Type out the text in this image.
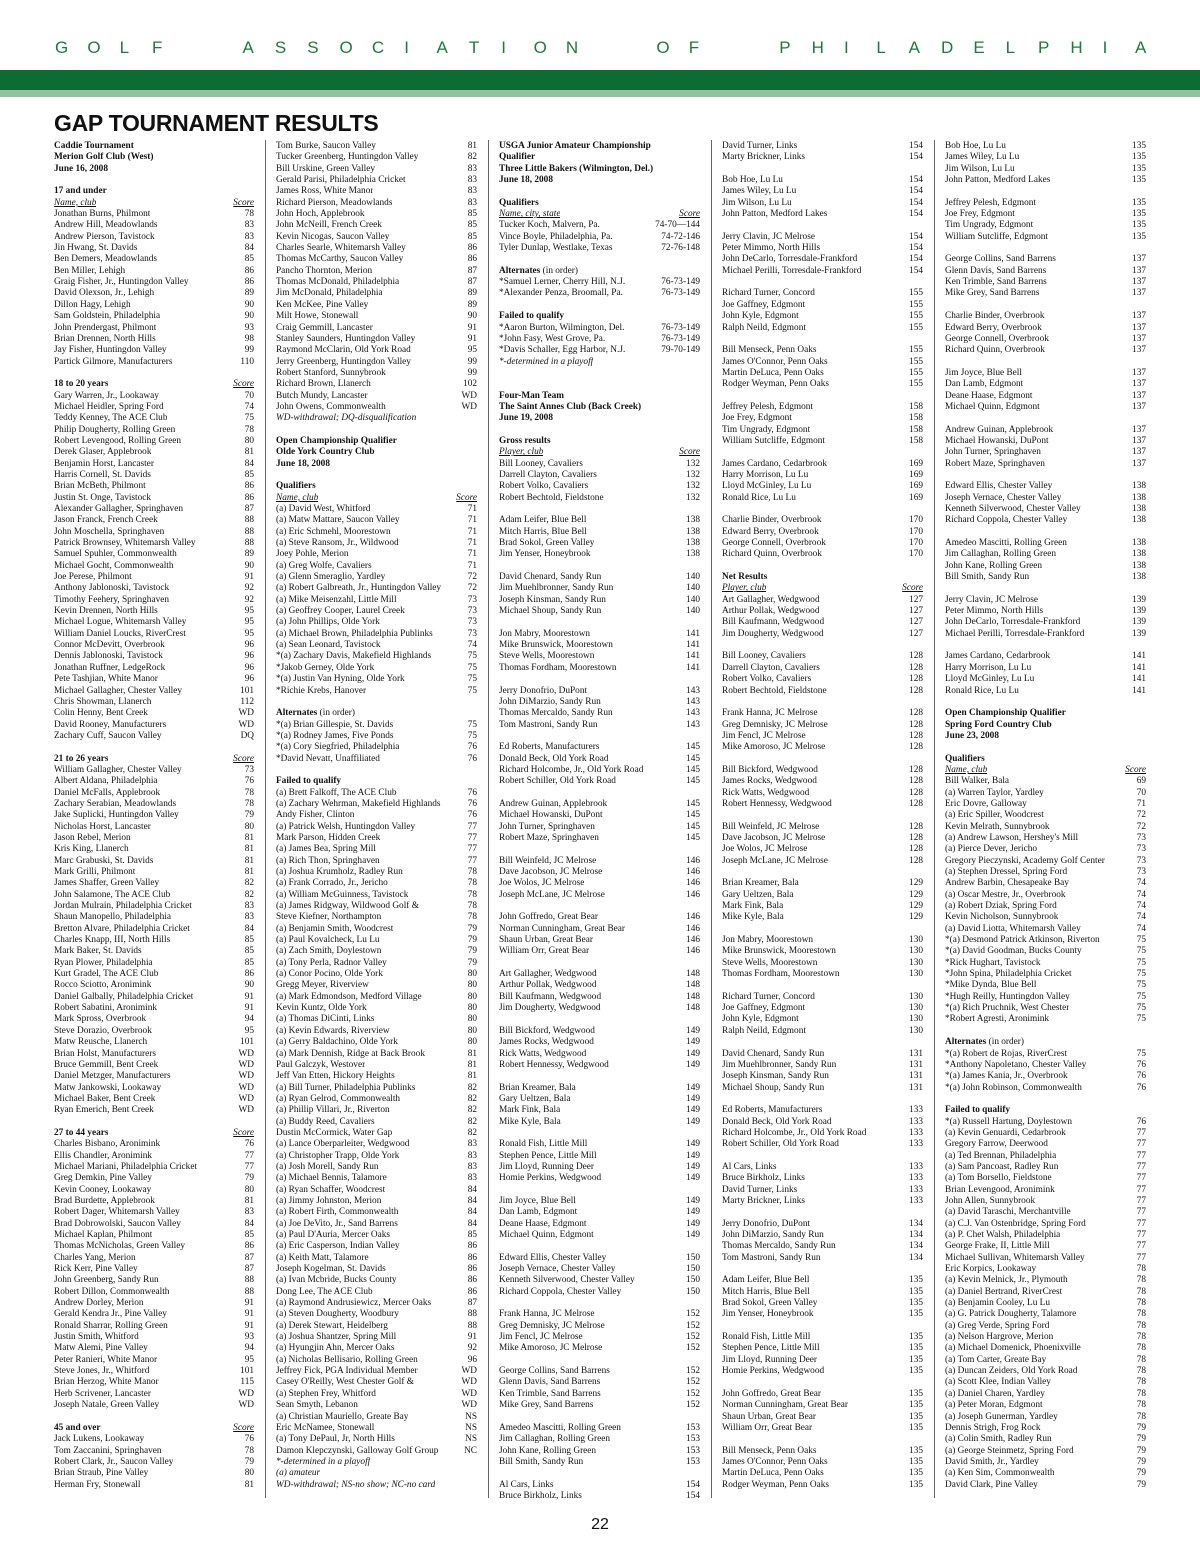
G O L F	A S S O C I A T I O N	O F	P H I L A D E L P H I A
GAP TOURNAMENT RESULTS
Caddie Tournament
Merion Golf Club (West)
June 16, 2008
17 and under
Name, club	Score
Jonathan Burns, Philmont	78
Andrew Hill, Meadowlands	83
Andrew Pierson, Tavistock	83
Jin Hwang, St. Davids	84
Ben Demers, Meadowlands	85
Ben Miller, Lehigh	86
Graig Fisher, Jr., Huntingdon Valley	86
David Olexson, Jr., Lehigh	89
Dillon Hagy, Lehigh	90
Sam Goldstein, Philadelphia	90
John Prendergast, Philmont	93
Brian Drennen, North Hills	98
Jay Fisher, Huntingdon Valley	99
Partick Gilmore, Manufacturers	110
18 to 20 years	Score
Gary Warren, Jr., Lookaway	70
Michael Heidler, Spring Ford	74
Teddy Kenney, The ACE Club	75
Philip Dougherty, Rolling Green	78
Robert Levengood, Rolling Green	80
Derek Glaser, Applebrook	81
Benjamin Horst, Lancaster	84
Harris Cornell, St. Davids	85
Brian McBeth, Philmont	86
Justin St. Onge, Tavistock	86
Alexander Gallagher, Springhaven	87
Jason Franck, French Creek	88
John Moschella, Springhaven	88
Patrick Brownsey, Whitemarsh Valley	88
Samuel Spuhler, Commonwealth	89
Michael Gocht, Commonwealth	90
Joe Perese, Philmont	91
Anthony Jablonoski, Tavistock	92
Timothy Feehery, Springhaven	92
Kevin Drennen, North Hills	95
Michael Logue, Whitemarsh Valley	95
William Daniel Loucks, RiverCrest	95
Connor McDevitt, Overbrook	96
Dennis Jablonoski, Tavistock	96
Jonathan Ruffner, LedgeRock	96
Pete Tashjian, White Manor	96
Michael Gallagher, Chester Valley	101
Chris Showman, Llanerch	112
Colin Henny, Bent Creek	WD
David Rooney, Manufacturers	WD
Zachary Cuff, Saucon Valley	DQ
21 to 26 years	Score
William Gallagher, Chester Valley	73
Albert Aldana, Philadelphia	76
Daniel McFalls, Applebrook	78
Zachary Serabian, Meadowlands	78
Jake Suplicki, Huntingdon Valley	79
Nicholas Horst, Lancaster	80
Jason Rebel, Merion	81
Kris King, Llanerch	81
Marc Grabuski, St. Davids	81
Mark Grilli, Philmont	81
James Shaffer, Green Valley	82
John Salamone, The ACE Club	82
Jordan Mulrain, Philadelphia Cricket	83
Shaun Manopello, Philadelphia	83
Bretton Alvare, Philadelphia Cricket	84
Charles Knapp, III, North Hills	85
Mark Baker, St. Davids	85
Ryan Plower, Philadelphia	85
Kurt Gradel, The ACE Club	86
Rocco Sciotto, Aronimink	90
Daniel Galbally, Philadelphia Cricket	91
Robert Sabatini, Aronimink	91
Mark Spross, Overbrook	94
Steve Dorazio, Overbrook	95
Matw Reusche, Llanerch	101
Brian Holst, Manufacturers	WD
Bruce Gemmill, Bent Creek	WD
Daniel Metzger, Manufacturers	WD
Matw Jankowski, Lookaway	WD
Michael Baker, Bent Creek	WD
Ryan Emerich, Bent Creek	WD
27 to 44 years	Score
Charles Bisbano, Aronimink	76
Ellis Chandler, Aronimink	77
Michael Mariani, Philadelphia Cricket	77
Greg Demkin, Pine Valley	79
Kevin Cooney, Lookaway	80
Brad Burdette, Applebrook	81
Robert Dager, Whitemarsh Valley	83
Brad Dobrowolski, Saucon Valley	84
Michael Kaplan, Philmont	85
Thomas McNicholas, Green Valley	86
Charles Yang, Merion	87
Rick Kerr, Pine Valley	87
John Greenberg, Sandy Run	88
Robert Dillon, Commonwealth	88
Andrew Dorley, Merion	91
Gerald Kendra Jr., Pine Valley	91
Ronald Sharrar, Rolling Green	91
Justin Smith, Whitford	93
Matw Alemi, Pine Valley	94
Peter Ranieri, White Manor	95
Steve Jones, Jr., Whitford	101
Brian Herzog, White Manor	115
Herb Scrivener, Lancaster	WD
Joseph Natale, Green Valley	WD
45 and over	Score
Jack Lukens, Lookaway	76
Tom Zaccanini, Springhaven	78
Robert Clark, Jr., Saucon Valley	79
Brian Straub, Pine Valley	80
Herman Fry, Stonewall	81
Tom Burke, Saucon Valley	81
Tucker Greenberg, Huntingdon Valley	82
Bill Urskine, Green Valley	83
Gerald Parisi, Philadelphia Cricket	83
James Ross, White Manor	83
Richard Pierson, Meadowlands	83
John Hoch, Applebrook	85
John McNeill, French Creek	85
Kevin Nicogas, Saucon Valley	85
Charles Searle, Whitemarsh Valley	86
Thomas McCarthy, Saucon Valley	86
Pancho Thornton, Merion	87
Thomas McDonald, Philadelphia	87
Jim McDonald, Philadelphia	89
Ken McKee, Pine Valley	89
Milt Howe, Stonewall	90
Craig Gemmill, Lancaster	91
Stanley Saunders, Huntingdon Valley	91
Raymond McClarin, Old York Road	95
Jerry Greenberg, Huntingdon Valley	99
Robert Stanford, Sunnybrook	99
Richard Brown, Llanerch	102
Butch Mundy, Lancaster	WD
John Owens, Commonwealth	WD
WD-withdrawal; DQ-disqualification
Open Championship Qualifier
Olde York Country Club
June 18, 2008
Qualifiers
Name, club	Score
(a) David West, Whitford	71
(a) Matw Mattare, Saucon Valley	71
(a) Eric Schmehl, Moorestown	71
(a) Steve Ransom, Jr., Wildwood	71
Joey Pohle, Merion	71
(a) Greg Wolfe, Cavaliers	71
(a) Glenn Smeraglio, Yardley	72
(a) Robert Galbreath, Jr., Huntingdon Valley	72
(a) Mike Meisenzahl, Little Mill	73
(a) Geoffrey Cooper, Laurel Creek	73
(a) John Phillips, Olde York	73
(a) Michael Brown, Philadelphia Publinks	73
(a) Sean Leonard, Tavistock	74
*(a) Zachary Davis, Makefield Highlands	75
*Jakob Gerney, Olde York	75
*(a) Justin Van Hyning, Olde York	75
*Richie Krebs, Hanover	75
Alternates (in order)
*(a) Brian Gillespie, St. Davids	75
*(a) Rodney James, Five Ponds	75
*(a) Cory Siegfried, Philadelphia	76
*David Nevatt, Unaffiliated	76
Failed to qualify
(a) Brett Falkoff, The ACE Club	76
(a) Zachary Wehrman, Makefield Highlands	76
Andy Fisher, Clinton	76
(a) Patrick Welsh, Huntingdon Valley	77
Mark Parson, Hidden Creek	77
(a) James Bea, Spring Mill	77
(a) Rich Thon, Springhaven	77
(a) Joshua Krumholz, Radley Run	78
(a) Frank Corrado, Jr., Jericho	78
(a) William McGuinness, Tavistock	78
(a) James Ridgway, Wildwood Golf &	78
Steve Kiefner, Northampton	78
(a) Benjamin Smith, Woodcrest	79
(a) Paul Kovalcheck, Lu Lu	79
(a) Zach Smith, Doylestown	79
(a) Tony Perla, Radnor Valley	79
(a) Conor Pocino, Olde York	80
Gregg Meyer, Riverview	80
(a) Mark Edmondson, Medford Village	80
Kevin Kuntz, Olde York	80
(a) Thomas DiCinti, Links	80
(a) Kevin Edwards, Riverview	80
(a) Gerry Baldachino, Olde York	80
(a) Mark Dennish, Ridge at Back Brook	81
Paul Galczyk, Westover	81
Jeff Van Etten, Hickory Heights	81
(a) Bill Turner, Philadelphia Publinks	82
(a) Ryan Gelrod, Commonwealth	82
(a) Phillip Villari, Jr., Riverton	82
(a) Buddy Reed, Cavaliers	82
Dustin McCormick, Water Gap	82
(a) Lance Oberparleiter, Wedgwood	83
(a) Christopher Trapp, Olde York	83
(a) Josh Morell, Sandy Run	83
(a) Michael Bennis, Talamore	83
(a) Ryan Schaffer, Woodcrest	84
(a) Jimmy Johnston, Merion	84
(a) Robert Firth, Commonwealth	84
(a) Joe DeVito, Jr., Sand Barrens	84
(a) Paul D'Auria, Mercer Oaks	85
(a) Eric Casperson, Indian Valley	86
(a) Keith Matt, Talamore	86
Joseph Kogelman, St. Davids	86
(a) Ivan Mcbride, Bucks County	86
Dong Lee, The ACE Club	86
(a) Raymond Andrusiewicz, Mercer Oaks	87
(a) Steven Dougherty, Woodbury	88
(a) Derek Stewart, Heidelberg	88
(a) Joshua Shantzer, Spring Mill	91
(a) Hyungjin Ahn, Mercer Oaks	92
(a) Nicholas Bellisario, Rolling Green	96
Jeffrey Fick, PGA Individual Member	WD
Casey O'Reilly, West Chester Golf &	WD
(a) Stephen Frey, Whitford	WD
Sean Smyth, Lebanon	WD
(a) Christian Mauriello, Greate Bay	NS
Eric McNamee, Stonewall	NS
(a) Tony DePaul, Jr, North Hills	NS
Damon Klepczynski, Galloway Golf Group	NC
*-determined in a playoff
(a) amateur
WD-withdrawal; NS-no show; NC-no card
USGA Junior Amateur Championship
Qualifier
Three Little Bakers (Wilmington, Del.)
June 18, 2008
Qualifiers
Name, city, state	Score
Tucker Koch, Malvern, Pa.	74-70—144
Vince Boyle, Philadelphia, Pa.	74-72-146
Tyler Dunlap, Westlake, Texas	72-76-148
Alternates (in order)
*Samuel Lerner, Cherry Hill, N.J.	76-73-149
*Alexander Penza, Broomall, Pa.	76-73-149
Failed to qualify
*Aaron Burton, Wilmington, Del.	76-73-149
*John Fasy, West Grove, Pa.	76-73-149
*Davis Schaller, Egg Harbor, N.J.	79-70-149
*-determined in a playoff
Four-Man Team
The Saint Annes Club (Back Creek)
June 19, 2008
Gross results
Player, club	Score
Bill Looney, Cavaliers	132
Darrell Clayton, Cavaliers	132
Robert Volko, Cavaliers	132
Robert Bechtold, Fieldstone	132
Adam Leifer, Blue Bell	138
Mitch Harris, Blue Bell	138
Brad Sokol, Green Valley	138
Jim Yenser, Honeybrook	138
David Chenard, Sandy Run	140
Jim Muehlbronner, Sandy Run	140
Joseph Kinsman, Sandy Run	140
Michael Shoup, Sandy Run	140
Jon Mabry, Moorestown	141
Mike Brunswick, Moorestown	141
Steve Wells, Moorestown	141
Thomas Fordham, Moorestown	141
Jerry Donofrio, DuPont	143
John DiMarzio, Sandy Run	143
Thomas Mercaldo, Sandy Run	143
Tom Mastroni, Sandy Run	143
Ed Roberts, Manufacturers	145
Donald Beck, Old York Road	145
Richard Holcombe, Jr., Old York Road	145
Robert Schiller, Old York Road	145
Andrew Guinan, Applebrook	145
Michael Howanski, DuPont	145
John Turner, Springhaven	145
Robert Maze, Springhaven	145
Bill Weinfeld, JC Melrose	146
Dave Jacobson, JC Melrose	146
Joe Wolos, JC Melrose	146
Joseph McLane, JC Melrose	146
John Goffredo, Great Bear	146
Norman Cunningham, Great Bear	146
Shaun Urban, Great Bear	146
William Orr, Great Bear	146
Art Gallagher, Wedgwood	148
Arthur Pollak, Wedgwood	148
Bill Kaufmann, Wedgwood	148
Jim Dougherty, Wedgwood	148
Bill Bickford, Wedgwood	149
James Rocks, Wedgwood	149
Rick Watts, Wedgwood	149
Robert Hennessy, Wedgwood	149
Brian Kreamer, Bala	149
Gary Ueltzen, Bala	149
Mark Fink, Bala	149
Mike Kyle, Bala	149
Ronald Fish, Little Mill	149
Stephen Pence, Little Mill	149
Jim Lloyd, Running Deer	149
Homie Perkins, Wedgwood	149
Jim Joyce, Blue Bell	149
Dan Lamb, Edgmont	149
Deane Haase, Edgmont	149
Michael Quinn, Edgmont	149
Edward Ellis, Chester Valley	150
Joseph Vernace, Chester Valley	150
Kenneth Silverwood, Chester Valley	150
Richard Coppola, Chester Valley	150
Frank Hanna, JC Melrose	152
Greg Demnisky, JC Melrose	152
Jim Fencl, JC Melrose	152
Mike Amoroso, JC Melrose	152
George Collins, Sand Barrens	152
Glenn Davis, Sand Barrens	152
Ken Trimble, Sand Barrens	152
Mike Grey, Sand Barrens	152
Amedeo Mascitti, Rolling Green	153
Jim Callaghan, Rolling Green	153
John Kane, Rolling Green	153
Bill Smith, Sandy Run	153
Al Cars, Links	154
Bruce Birkholz, Links	154
David Turner, Links	154
Marty Brickner, Links	154
Bob Hoe, Lu Lu	154
James Wiley, Lu Lu	154
Jim Wilson, Lu Lu	154
John Patton, Medford Lakes	154
Jerry Clavin, JC Melrose	154
Peter Mimmo, North Hills	154
John DeCarlo, Torresdale-Frankford	154
Michael Perilli, Torresdale-Frankford	154
Richard Turner, Concord	155
Joe Gaffney, Edgmont	155
John Kyle, Edgmont	155
Ralph Neild, Edgmont	155
Bill Menseck, Penn Oaks	155
James O'Connor, Penn Oaks	155
Martin DeLuca, Penn Oaks	155
Rodger Weyman, Penn Oaks	155
Jeffrey Pelesh, Edgmont	158
Joe Frey, Edgmont	158
Tim Ungrady, Edgmont	158
William Sutcliffe, Edgmont	158
James Cardano, Cedarbrook	169
Harry Morrison, Lu Lu	169
Lloyd McGinley, Lu Lu	169
Ronald Rice, Lu Lu	169
Charlie Binder, Overbrook	170
Edward Berry, Overbrook	170
George Connell, Overbrook	170
Richard Quinn, Overbrook	170
Net Results
Player, club	Score
Art Gallagher, Wedgwood	127
Arthur Pollak, Wedgwood	127
Bill Kaufmann, Wedgwood	127
Jim Dougherty, Wedgwood	127
Bill Looney, Cavaliers	128
Darrell Clayton, Cavaliers	128
Robert Volko, Cavaliers	128
Robert Bechtold, Fieldstone	128
Frank Hanna, JC Melrose	128
Greg Demnisky, JC Melrose	128
Jim Fencl, JC Melrose	128
Mike Amoroso, JC Melrose	128
Bill Bickford, Wedgwood	128
James Rocks, Wedgwood	128
Rick Watts, Wedgwood	128
Robert Hennessy, Wedgwood	128
Bill Weinfeld, JC Melrose	128
Dave Jacobson, JC Melrose	128
Joe Wolos, JC Melrose	128
Joseph McLane, JC Melrose	128
Brian Kreamer, Bala	129
Gary Ueltzen, Bala	129
Mark Fink, Bala	129
Mike Kyle, Bala	129
Jon Mabry, Moorestown	130
Mike Brunswick, Moorestown	130
Steve Wells, Moorestown	130
Thomas Fordham, Moorestown	130
Richard Turner, Concord	130
Joe Gaffney, Edgmont	130
John Kyle, Edgmont	130
Ralph Neild, Edgmont	130
David Chenard, Sandy Run	131
Jim Muehlbronner, Sandy Run	131
Joseph Kinsman, Sandy Run	131
Michael Shoup, Sandy Run	131
Ed Roberts, Manufacturers	133
Donald Beck, Old York Road	133
Richard Holcombe, Jr., Old York Road	133
Robert Schiller, Old York Road	133
Al Cars, Links	133
Bruce Birkholz, Links	133
David Turner, Links	133
Marty Brickner, Links	133
Jerry Donofrio, DuPont	134
John DiMarzio, Sandy Run	134
Thomas Mercaldo, Sandy Run	134
Tom Mastroni, Sandy Run	134
Adam Leifer, Blue Bell	135
Mitch Harris, Blue Bell	135
Brad Sokol, Green Valley	135
Jim Yenser, Honeybrook	135
Ronald Fish, Little Mill	135
Stephen Pence, Little Mill	135
Jim Lloyd, Running Deer	135
Homie Perkins, Wedgwood	135
John Goffredo, Great Bear	135
Norman Cunningham, Great Bear	135
Shaun Urban, Great Bear	135
William Orr, Great Bear	135
Bill Menseck, Penn Oaks	135
James O'Connor, Penn Oaks	135
Martin DeLuca, Penn Oaks	135
Rodger Weyman, Penn Oaks	135
Bob Hoe, Lu Lu	135
James Wiley, Lu Lu	135
Jim Wilson, Lu Lu	135
John Patton, Medford Lakes	135
Jeffrey Pelesh, Edgmont	135
Joe Frey, Edgmont	135
Tim Ungrady, Edgmont	135
William Sutcliffe, Edgmont	135
George Collins, Sand Barrens	137
Glenn Davis, Sand Barrens	137
Ken Trimble, Sand Barrens	137
Mike Grey, Sand Barrens	137
Charlie Binder, Overbrook	137
Edward Berry, Overbrook	137
George Connell, Overbrook	137
Richard Quinn, Overbrook	137
Jim Joyce, Blue Bell	137
Dan Lamb, Edgmont	137
Deane Haase, Edgmont	137
Michael Quinn, Edgmont	137
Andrew Guinan, Applebrook	137
Michael Howanski, DuPont	137
John Turner, Springhaven	137
Robert Maze, Springhaven	137
Edward Ellis, Chester Valley	138
Joseph Vernace, Chester Valley	138
Kenneth Silverwood, Chester Valley	138
Richard Coppola, Chester Valley	138
Amedeo Mascitti, Rolling Green	138
Jim Callaghan, Rolling Green	138
John Kane, Rolling Green	138
Bill Smith, Sandy Run	138
Jerry Clavin, JC Melrose	139
Peter Mimmo, North Hills	139
John DeCarlo, Torresdale-Frankford	139
Michael Perilli, Torresdale-Frankford	139
James Cardano, Cedarbrook	141
Harry Morrison, Lu Lu	141
Lloyd McGinley, Lu Lu	141
Ronald Rice, Lu Lu	141
Open Championship Qualifier
Spring Ford Country Club
June 23, 2008
Qualifiers
Name, club	Score
Bill Walker, Bala	69
(a) Warren Taylor, Yardley	70
Eric Dovre, Galloway	71
(a) Eric Spiller, Woodcrest	72
Kevin Melrath, Sunnybrook	72
(a) Andrew Lawson, Hershey's Mill	73
(a) Pierce Dever, Jericho	73
Gregory Pieczynski, Academy Golf Center	73
(a) Stephen Dressel, Spring Ford	73
Andrew Barbin, Chesapeake Bay	74
(a) Oscar Mestre, Jr., Overbrook	74
(a) Robert Dziak, Spring Ford	74
Kevin Nicholson, Sunnybrook	74
(a) David Liotta, Whitemarsh Valley	74
*(a) Desmond Patrick Atkinson, Riverton	75
*(a) David Goodman, Bucks County	75
*Rick Hughart, Tavistock	75
*John Spina, Philadelphia Cricket	75
*Mike Dynda, Blue Bell	75
*Hugh Reilly, Huntingdon Valley	75
*(a) Rich Pruchnik, West Chester	75
*Robert Agresti, Aronimink	75
Alternates (in order)
*(a) Robert de Rojas, RiverCrest	75
*Anthony Napoletano, Chester Valley	76
*(a) James Kania, Jr., Overbrook	76
*(a) John Robinson, Commonwealth	76
Failed to qualify
*(a) Russell Hartung, Doylestown	76
(a) Kevin Genuardi, Cedarbrook	77
Gregory Farrow, Deerwood	77
(a) Ted Brennan, Philadelphia	77
(a) Sam Pancoast, Radley Run	77
(a) Tom Borsello, Fieldstone	77
Brian Levengood, Aronimink	77
John Allen, Sunnybrook	77
(a) David Taraschi, Merchantville	77
(a) C.J. Van Ostenbridge, Spring Ford	77
(a) P. Chet Walsh, Philadelphia	77
George Frake, II, Little Mill	77
Michael Sullivan, Whitemarsh Valley	77
Eric Korpics, Lookaway	78
(a) Kevin Melnick, Jr., Plymouth	78
(a) Daniel Bertrand, RiverCrest	78
(a) Benjamin Cooley, Lu Lu	78
(a) G. Patrick Dougherty, Talamore	78
(a) Greg Verde, Spring Ford	78
(a) Nelson Hargrove, Merion	78
(a) Michael Domenick, Phoenixville	78
(a) Tom Carter, Greate Bay	78
(a) Duncan Zeiders, Old York Road	78
(a) Scott Klee, Indian Valley	78
(a) Daniel Charen, Yardley	78
(a) Peter Moran, Edgmont	78
(a) Joseph Gunerman, Yardley	78
Dennis Strigh, Frog Rock	79
(a) Colin Smith, Radley Run	79
(a) George Steinmetz, Spring Ford	79
David Smith, Jr., Yardley	79
(a) Ken Sim, Commonwealth	79
David Clark, Pine Valley	79
22
